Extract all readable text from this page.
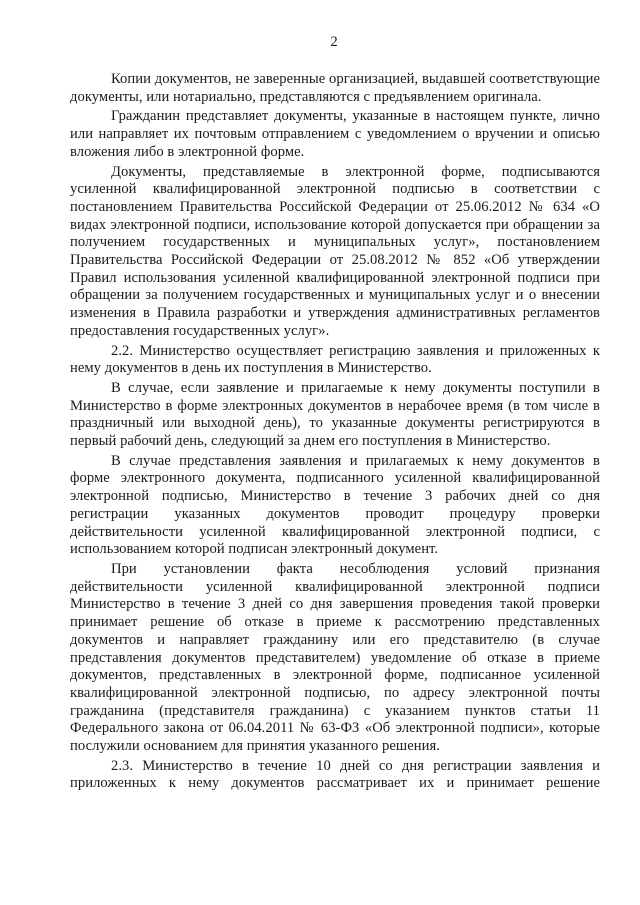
2

Копии документов, не заверенные организацией, выдавшей соответствующие документы, или нотариально, представляются с предъявлением оригинала.

Гражданин представляет документы, указанные в настоящем пункте, лично или направляет их почтовым отправлением с уведомлением о вручении и описью вложения либо в электронной форме.

Документы, представляемые в электронной форме, подписываются усиленной квалифицированной электронной подписью в соответствии с постановлением Правительства Российской Федерации от 25.06.2012 № 634 «О видах электронной подписи, использование которой допускается при обращении за получением государственных и муниципальных услуг», постановлением Правительства Российской Федерации от 25.08.2012 № 852 «Об утверждении Правил использования усиленной квалифицированной электронной подписи при обращении за получением государственных и муниципальных услуг и о внесении изменения в Правила разработки и утверждения административных регламентов предоставления государственных услуг».

2.2. Министерство осуществляет регистрацию заявления и приложенных к нему документов в день их поступления в Министерство.

В случае, если заявление и прилагаемые к нему документы поступили в Министерство в форме электронных документов в нерабочее время (в том числе в праздничный или выходной день), то указанные документы регистрируются в первый рабочий день, следующий за днем его поступления в Министерство.

В случае представления заявления и прилагаемых к нему документов в форме электронного документа, подписанного усиленной квалифицированной электронной подписью, Министерство в течение 3 рабочих дней со дня регистрации указанных документов проводит процедуру проверки действительности усиленной квалифицированной электронной подписи, с использованием которой подписан электронный документ.

При установлении факта несоблюдения условий признания действительности усиленной квалифицированной электронной подписи Министерство в течение 3 дней со дня завершения проведения такой проверки принимает решение об отказе в приеме к рассмотрению представленных документов и направляет гражданину или его представителю (в случае представления документов представителем) уведомление об отказе в приеме документов, представленных в электронной форме, подписанное усиленной квалифицированной электронной подписью, по адресу электронной почты гражданина (представителя гражданина) с указанием пунктов статьи 11 Федерального закона от 06.04.2011 № 63-ФЗ «Об электронной подписи», которые послужили основанием для принятия указанного решения.

2.3. Министерство в течение 10 дней со дня регистрации заявления и приложенных к нему документов рассматривает их и принимает решение
